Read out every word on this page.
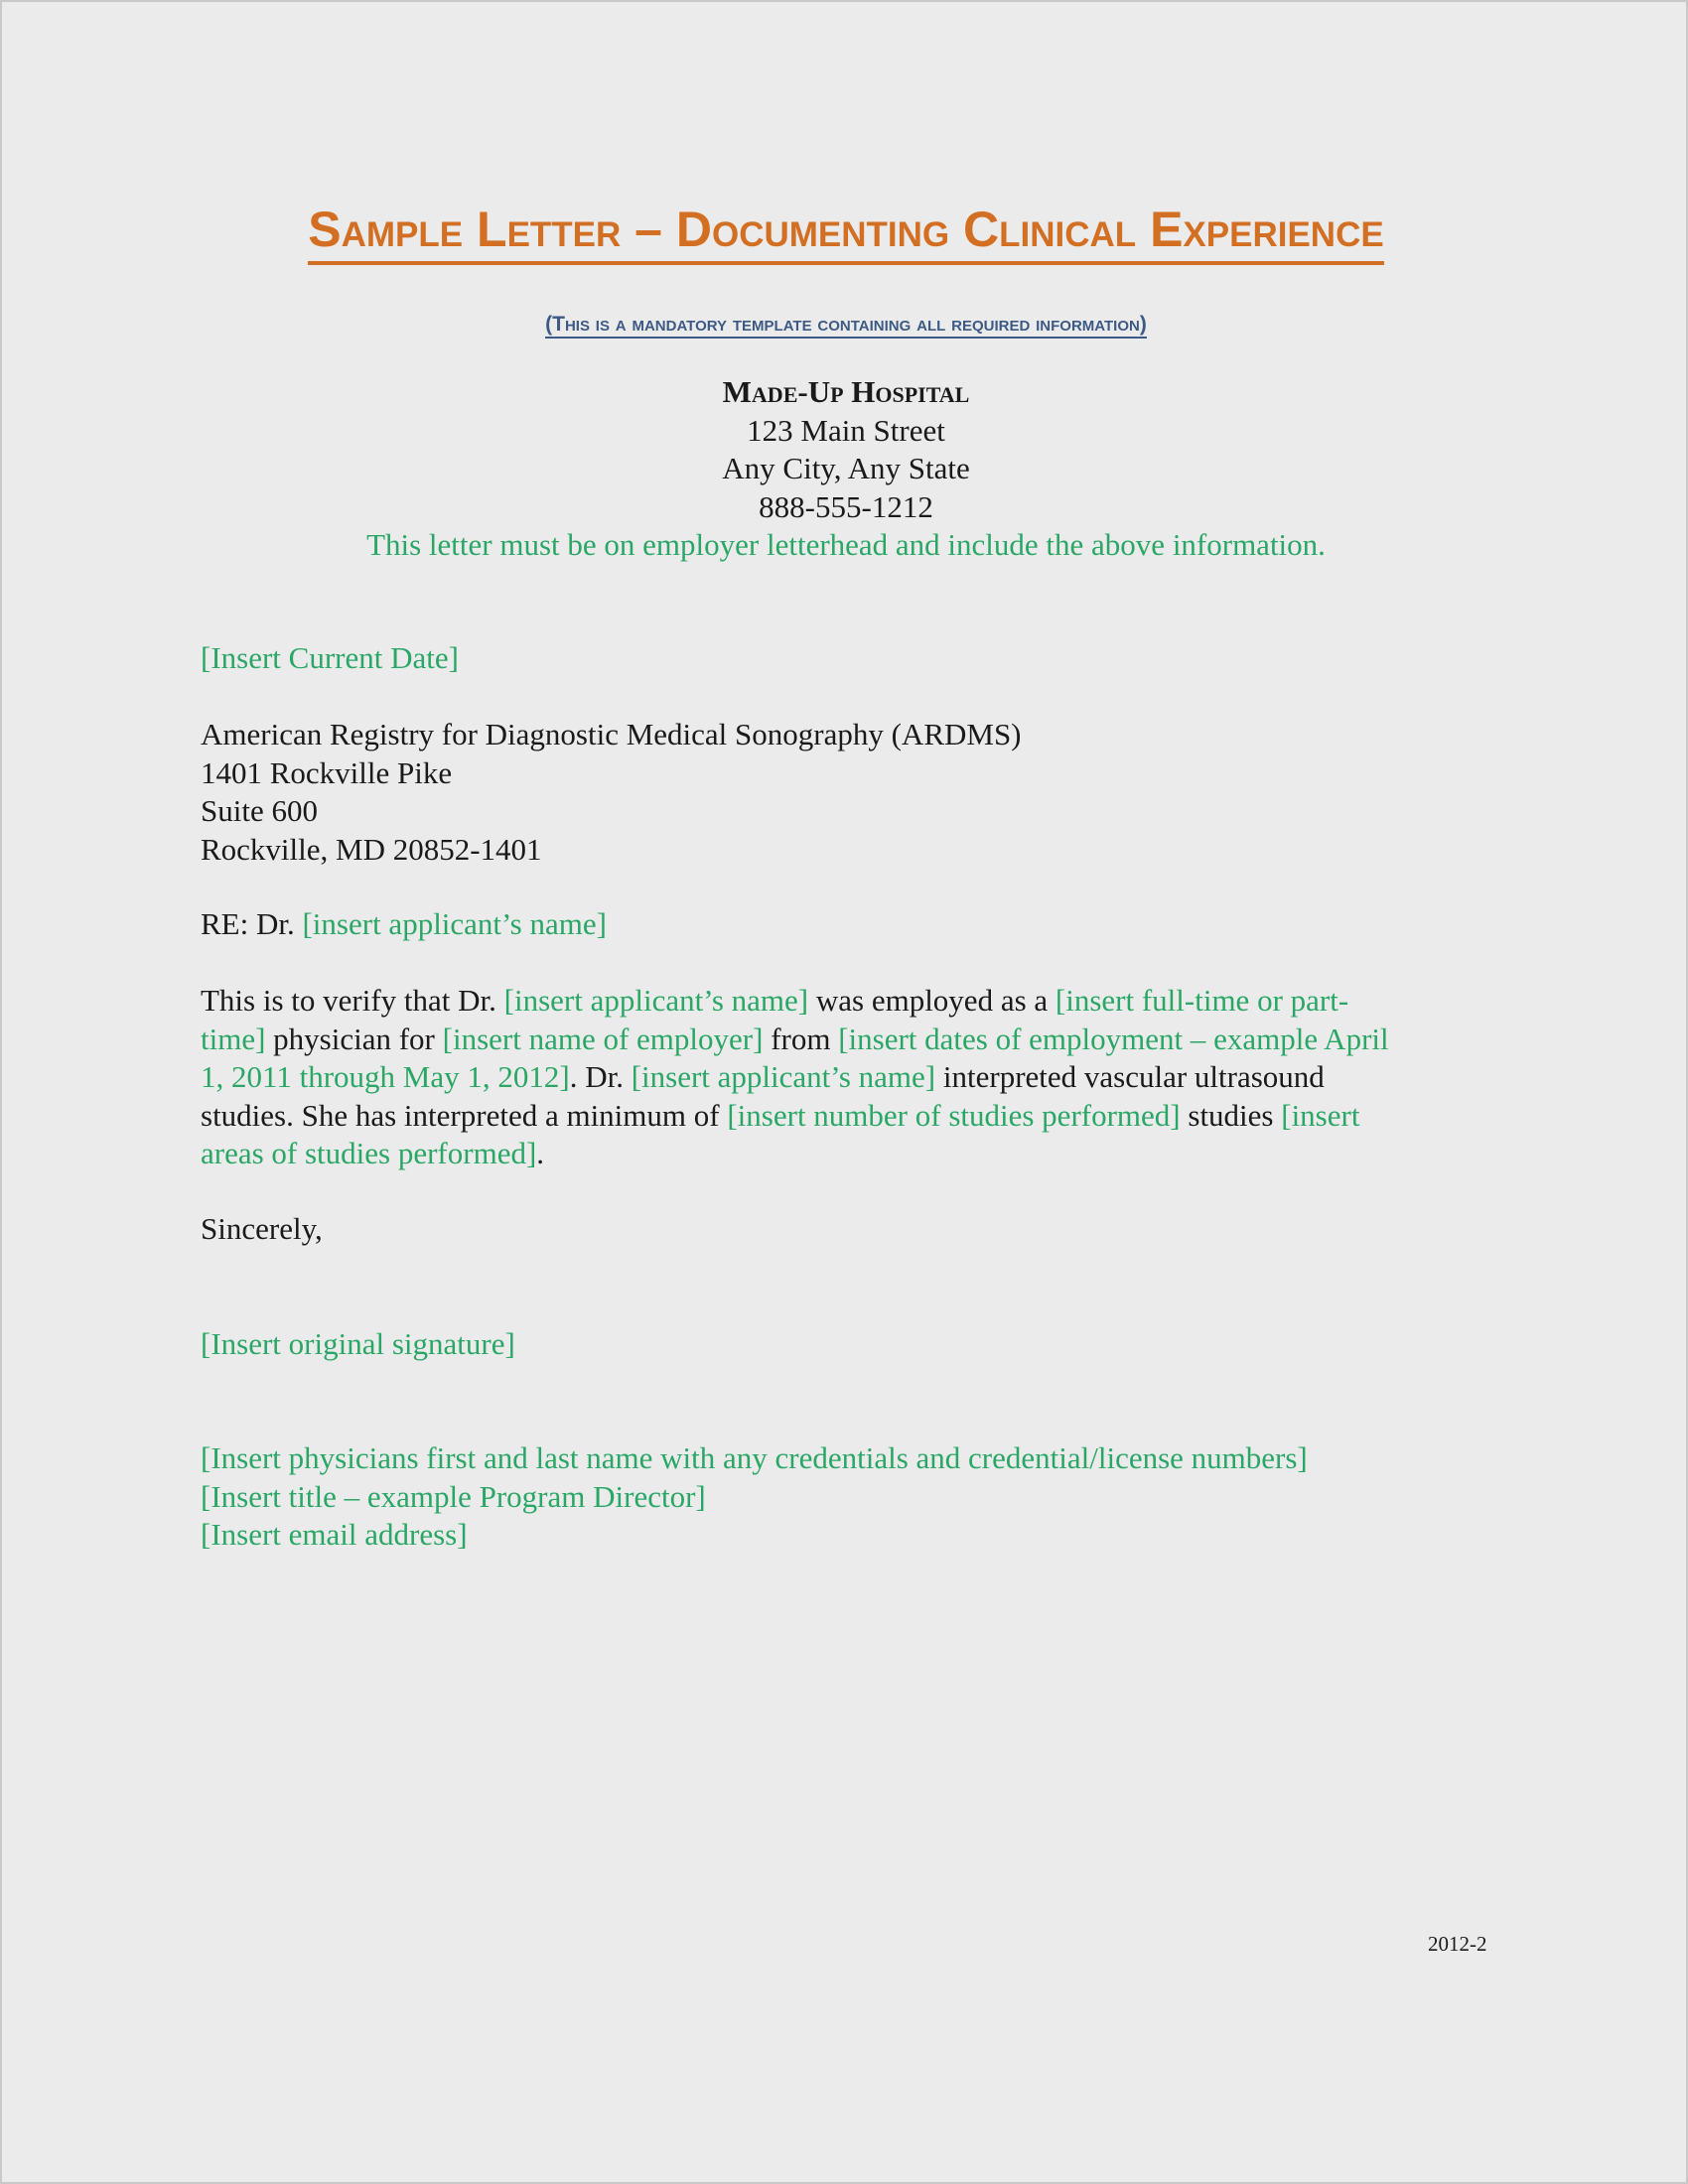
Sample Letter – Documenting Clinical Experience
(This is a mandatory template containing all required information)
Made-Up Hospital
123 Main Street
Any City, Any State
888-555-1212
This letter must be on employer letterhead and include the above information.
[Insert Current Date]
American Registry for Diagnostic Medical Sonography (ARDMS)
1401 Rockville Pike
Suite 600
Rockville, MD 20852-1401
RE: Dr. [insert applicant’s name]
This is to verify that Dr. [insert applicant’s name] was employed as a [insert full-time or part-
time] physician for [insert name of employer] from [insert dates of employment – example April
1, 2011 through May 1, 2012]. Dr. [insert applicant’s name] interpreted vascular ultrasound
studies. She has interpreted a minimum of [insert number of studies performed] studies [insert
areas of studies performed].
Sincerely,
[Insert original signature]
[Insert physicians first and last name with any credentials and credential/license numbers]
[Insert title – example Program Director]
[Insert email address]
2012-2
